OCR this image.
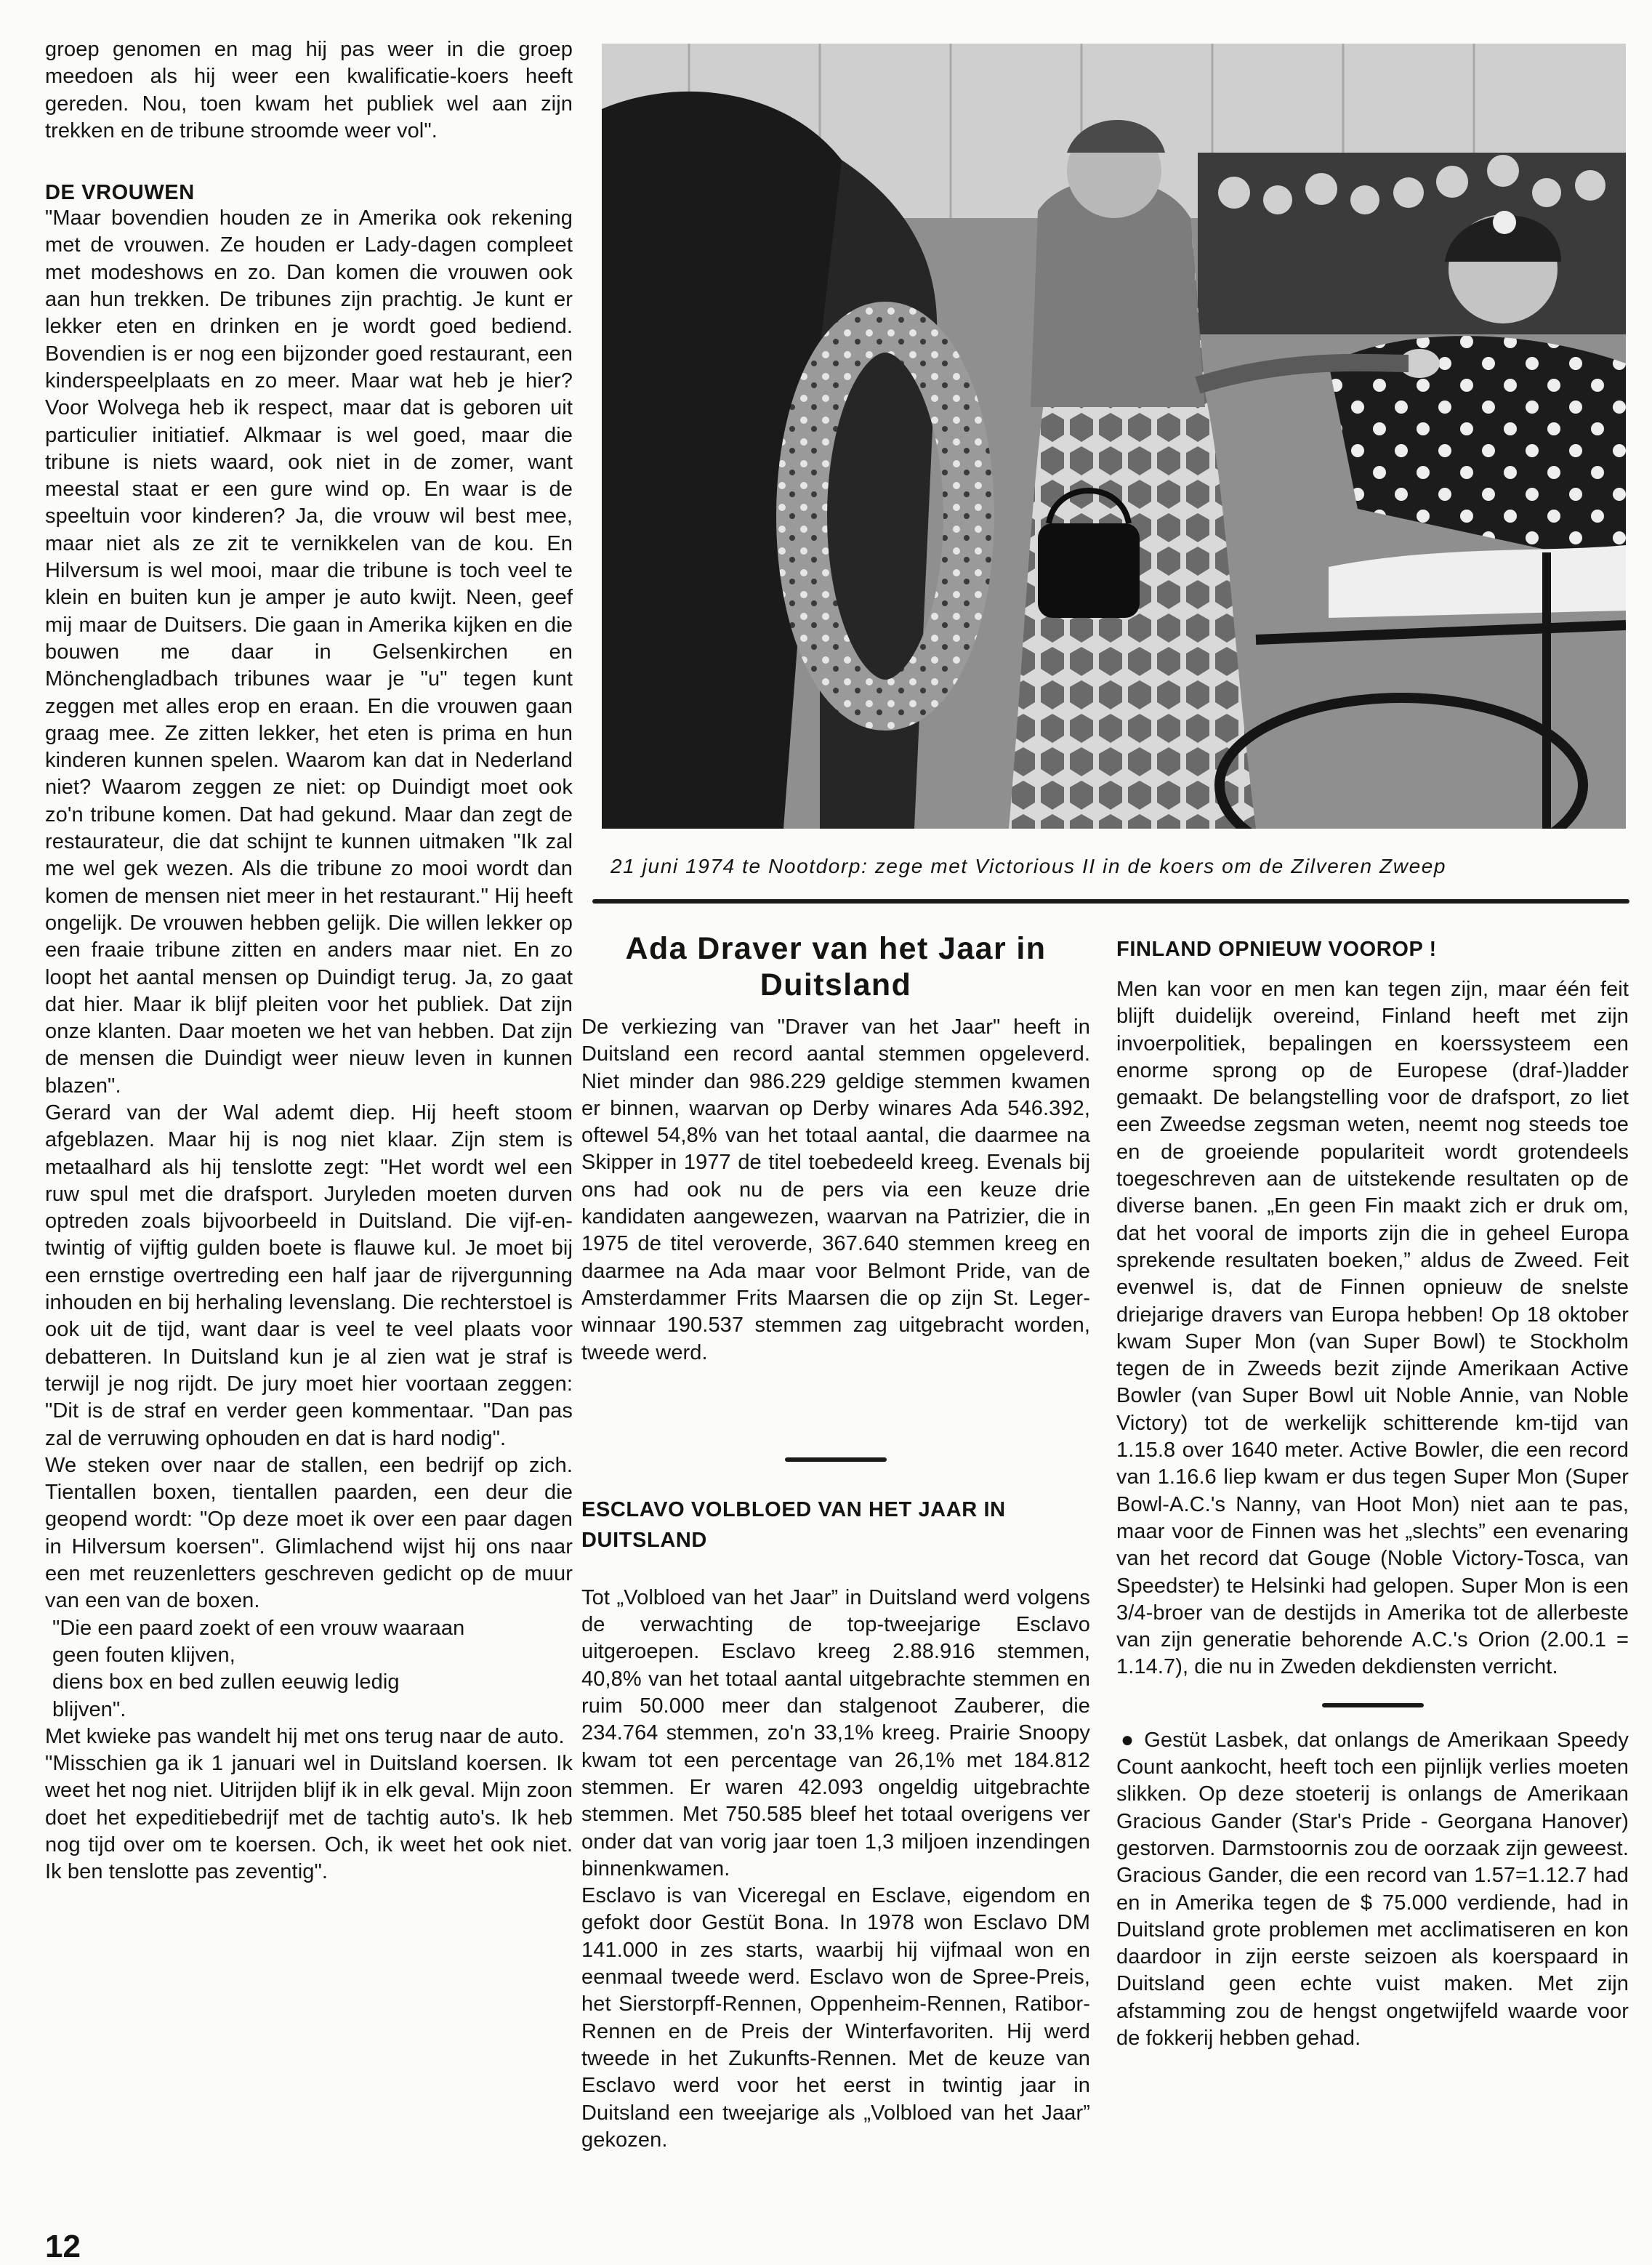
groep genomen en mag hij pas weer in die groep meedoen als hij weer een kwalificatie-koers heeft gereden. Nou, toen kwam het publiek wel aan zijn trekken en de tribune stroomde weer vol".

DE VROUWEN

"Maar bovendien houden ze in Amerika ook rekening met de vrouwen. Ze houden er Lady-dagen compleet met modeshows en zo. Dan komen die vrouwen ook aan hun trekken. De tribunes zijn prachtig. Je kunt er lekker eten en drinken en je wordt goed bediend. Bovendien is er nog een bijzonder goed restaurant, een kinderspeelplaats en zo meer. Maar wat heb je hier? Voor Wolvega heb ik respect, maar dat is geboren uit particulier initiatief. Alkmaar is wel goed, maar die tribune is niets waard, ook niet in de zomer, want meestal staat er een gure wind op. En waar is de speeltuin voor kinderen? Ja, die vrouw wil best mee, maar niet als ze zit te vernikkelen van de kou. En Hilversum is wel mooi, maar die tribune is toch veel te klein en buiten kun je amper je auto kwijt. Neen, geef mij maar de Duitsers. Die gaan in Amerika kijken en die bouwen me daar in Gelsenkirchen en Mönchengladbach tribunes waar je "u" tegen kunt zeggen met alles erop en eraan. En die vrouwen gaan graag mee. Ze zitten lekker, het eten is prima en hun kinderen kunnen spelen. Waarom kan dat in Nederland niet? Waarom zeggen ze niet: op Duindigt moet ook zo'n tribune komen. Dat had gekund. Maar dan zegt de restaurateur, die dat schijnt te kunnen uitmaken "Ik zal me wel gek wezen. Als die tribune zo mooi wordt dan komen de mensen niet meer in het restaurant." Hij heeft ongelijk. De vrouwen hebben gelijk. Die willen lekker op een fraaie tribune zitten en anders maar niet. En zo loopt het aantal mensen op Duindigt terug. Ja, zo gaat dat hier. Maar ik blijf pleiten voor het publiek. Dat zijn onze klanten. Daar moeten we het van hebben. Dat zijn de mensen die Duindigt weer nieuw leven in kunnen blazen".
Gerard van der Wal ademt diep. Hij heeft stoom afgeblazen. Maar hij is nog niet klaar. Zijn stem is metaalhard als hij tenslotte zegt: "Het wordt wel een ruw spul met die drafsport. Juryleden moeten durven optreden zoals bijvoorbeeld in Duitsland. Die vijf-en-twintig of vijftig gulden boete is flauwe kul. Je moet bij een ernstige overtreding een half jaar de rijvergunning inhouden en bij herhaling levenslang. Die rechterstoel is ook uit de tijd, want daar is veel te veel plaats voor debatteren. In Duitsland kun je al zien wat je straf is terwijl je nog rijdt. De jury moet hier voortaan zeggen: "Dit is de straf en verder geen kommentaar. "Dan pas zal de verruwing ophouden en dat is hard nodig".
We steken over naar de stallen, een bedrijf op zich. Tientallen boxen, tientallen paarden, een deur die geopend wordt: "Op deze moet ik over een paar dagen in Hilversum koersen". Glimlachend wijst hij ons naar een met reuzenletters geschreven gedicht op de muur van een van de boxen.

"Die een paard zoekt of een vrouw waaraan
geen fouten klijven,
diens box en bed zullen eeuwig ledig
blijven".

Met kwieke pas wandelt hij met ons terug naar de auto.
"Misschien ga ik 1 januari wel in Duitsland koersen. Ik weet het nog niet. Uitrijden blijf ik in elk geval. Mijn zoon doet het expeditiebedrijf met de tachtig auto's. Ik heb nog tijd over om te koersen. Och, ik weet het ook niet. Ik ben tenslotte pas zeventig".

21 juni 1974 te Nootdorp: zege met Victorious II in de koers om de Zilveren Zweep

Ada Draver van het Jaar in Duitsland

De verkiezing van "Draver van het Jaar" heeft in Duitsland een record aantal stemmen opgeleverd. Niet minder dan 986.229 geldige stemmen kwamen er binnen, waarvan op Derby winares Ada 546.392, oftewel 54,8% van het totaal aantal, die daarmee na Skipper in 1977 de titel toebedeeld kreeg. Evenals bij ons had ook nu de pers via een keuze drie kandidaten aangewezen, waarvan na Patrizier, die in 1975 de titel veroverde, 367.640 stemmen kreeg en daarmee na Ada maar voor Belmont Pride, van de Amsterdammer Frits Maarsen die op zijn St. Leger-winnaar 190.537 stemmen zag uitgebracht worden, tweede werd.

ESCLAVO VOLBLOED VAN HET JAAR IN DUITSLAND

Tot „Volbloed van het Jaar” in Duitsland werd volgens de verwachting de top-tweejarige Esclavo uitgeroepen. Esclavo kreeg 2.88.916 stemmen, 40,8% van het totaal aantal uitgebrachte stemmen en ruim 50.000 meer dan stalgenoot Zauberer, die 234.764 stemmen, zo'n 33,1% kreeg. Prairie Snoopy kwam tot een percentage van 26,1% met 184.812 stemmen. Er waren 42.093 ongeldig uitgebrachte stemmen. Met 750.585 bleef het totaal overigens ver onder dat van vorig jaar toen 1,3 miljoen inzendingen binnenkwamen.

Esclavo is van Viceregal en Esclave, eigendom en gefokt door Gestüt Bona. In 1978 won Esclavo DM 141.000 in zes starts, waarbij hij vijfmaal won en eenmaal tweede werd. Esclavo won de Spree-Preis, het Sierstorpff-Rennen, Oppenheim-Rennen, Ratibor-Rennen en de Preis der Winterfavoriten. Hij werd tweede in het Zukunfts-Rennen. Met de keuze van Esclavo werd voor het eerst in twintig jaar in Duitsland een tweejarige als „Volbloed van het Jaar” gekozen.

FINLAND OPNIEUW VOOROP !

Men kan voor en men kan tegen zijn, maar één feit blijft duidelijk overeind, Finland heeft met zijn invoerpolitiek, bepalingen en koerssysteem een enorme sprong op de Europese (draf-)ladder gemaakt. De belangstelling voor de drafsport, zo liet een Zweedse zegsman weten, neemt nog steeds toe en de groeiende populariteit wordt grotendeels toegeschreven aan de uitstekende resultaten op de diverse banen. „En geen Fin maakt zich er druk om, dat het vooral de imports zijn die in geheel Europa sprekende resultaten boeken,” aldus de Zweed. Feit evenwel is, dat de Finnen opnieuw de snelste driejarige dravers van Europa hebben! Op 18 oktober kwam Super Mon (van Super Bowl) te Stockholm tegen de in Zweeds bezit zijnde Amerikaan Active Bowler (van Super Bowl uit Noble Annie, van Noble Victory) tot de werkelijk schitterende km-tijd van 1.15.8 over 1640 meter. Active Bowler, die een record van 1.16.6 liep kwam er dus tegen Super Mon (Super Bowl-A.C.'s Nanny, van Hoot Mon) niet aan te pas, maar voor de Finnen was het „slechts” een evenaring van het record dat Gouge (Noble Victory-Tosca, van Speedster) te Helsinki had gelopen. Super Mon is een 3/4-broer van de destijds in Amerika tot de allerbeste van zijn generatie behorende A.C.'s Orion (2.00.1 = 1.14.7), die nu in Zweden dekdiensten verricht.

● Gestüt Lasbek, dat onlangs de Amerikaan Speedy Count aankocht, heeft toch een pijnlijk verlies moeten slikken. Op deze stoeterij is onlangs de Amerikaan Gracious Gander (Star's Pride - Georgana Hanover) gestorven. Darmstoornis zou de oorzaak zijn geweest. Gracious Gander, die een record van 1.57=1.12.7 had en in Amerika tegen de $ 75.000 verdiende, had in Duitsland grote problemen met acclimatiseren en kon daardoor in zijn eerste seizoen als koerspaard in Duitsland geen echte vuist maken. Met zijn afstamming zou de hengst ongetwijfeld waarde voor de fokkerij hebben gehad.

12
